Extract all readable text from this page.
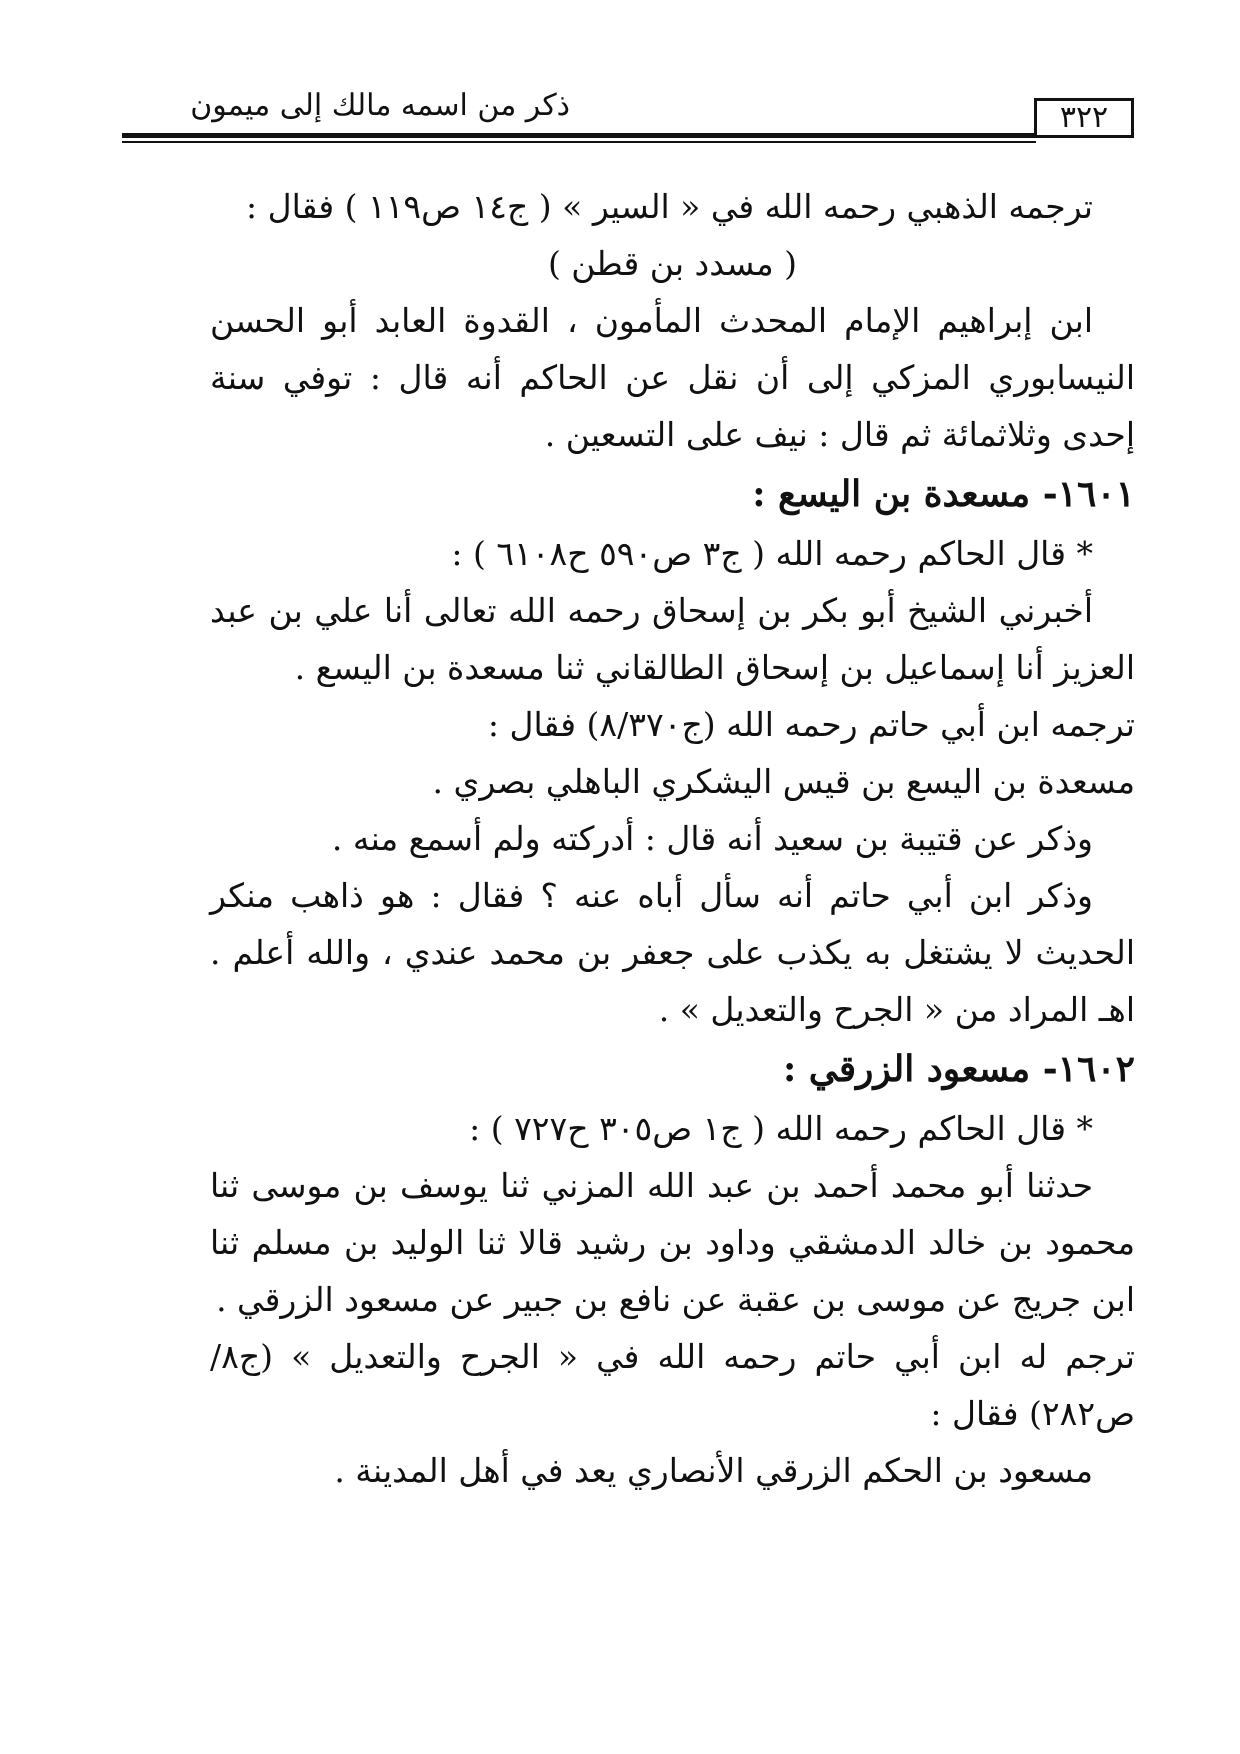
ذكر من اسمه مالك إلى ميمون	٣٢٢

ترجمه الذهبي رحمه الله في « السير » ( ج١٤ ص١١٩ ) فقال :

( مسدد بن قطن )

ابن إبراهيم الإمام المحدث المأمون ، القدوة العابد أبو الحسن النيسابوري المزكي إلى أن نقل عن الحاكم أنه قال : توفي سنة إحدى وثلاثمائة ثم قال : نيف على التسعين .

١٦٠١- مسعدة بن اليسع :

* قال الحاكم رحمه الله ( ج٣ ص٥٩٠ ح٦١٠٨ ) :

أخبرني الشيخ أبو بكر بن إسحاق رحمه الله تعالى أنا علي بن عبد العزيز أنا إسماعيل بن إسحاق الطالقاني ثنا مسعدة بن اليسع .

ترجمه ابن أبي حاتم رحمه الله (ج٨/٣٧٠) فقال :

مسعدة بن اليسع بن قيس اليشكري الباهلي بصري .

وذكر عن قتيبة بن سعيد أنه قال : أدركته ولم أسمع منه .

وذكر ابن أبي حاتم أنه سأل أباه عنه ؟ فقال : هو ذاهب منكر الحديث لا يشتغل به يكذب على جعفر بن محمد عندي ، والله أعلم . اهـ المراد من « الجرح والتعديل » .

١٦٠٢- مسعود الزرقي :

* قال الحاكم رحمه الله ( ج١ ص٣٠٥ ح٧٢٧ ) :

حدثنا أبو محمد أحمد بن عبد الله المزني ثنا يوسف بن موسى ثنا محمود بن خالد الدمشقي وداود بن رشيد قالا ثنا الوليد بن مسلم ثنا ابن جريج عن موسى بن عقبة عن نافع بن جبير عن مسعود الزرقي .

ترجم له ابن أبي حاتم رحمه الله في « الجرح والتعديل » (ج٨/ ص٢٨٢) فقال :

مسعود بن الحكم الزرقي الأنصاري يعد في أهل المدينة .
